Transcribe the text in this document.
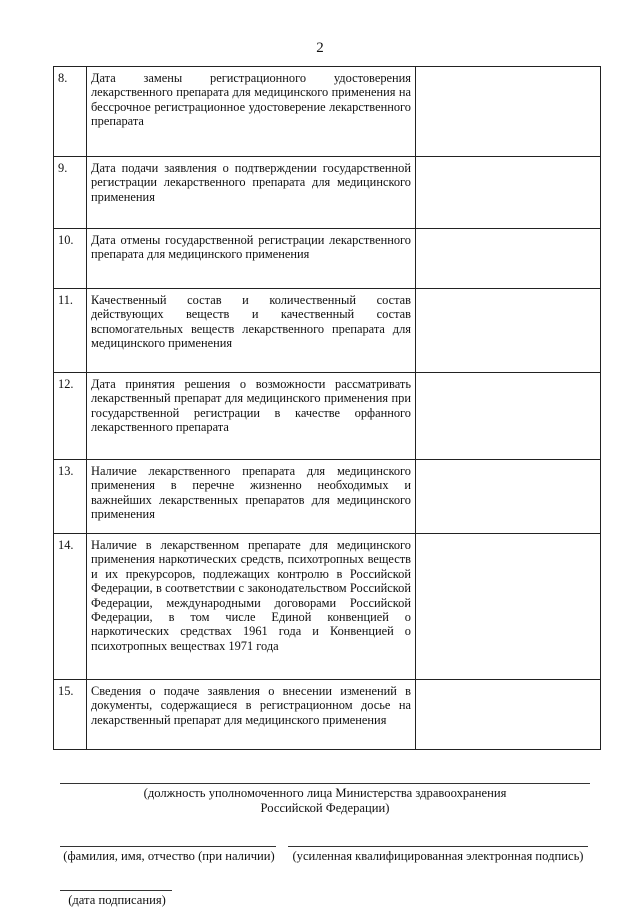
2
8.	Дата замены регистрационного удостоверения лекарственного препарата для медицинского применения на бессрочное регистрационное удостоверение лекарственного препарата	
9.	Дата подачи заявления о подтверждении государственной регистрации лекарственного препарата для медицинского применения	
10.	Дата отмены государственной регистрации лекарственного препарата для медицинского применения	
11.	Качественный состав и количественный состав действующих веществ и качественный состав вспомогательных веществ лекарственного препарата для медицинского применения	
12.	Дата принятия решения о возможности рассматривать лекарственный препарат для медицинского применения при государственной регистрации в качестве орфанного лекарственного препарата	
13.	Наличие лекарственного препарата для медицинского применения в перечне жизненно необходимых и важнейших лекарственных препаратов для медицинского применения	
14.	Наличие в лекарственном препарате для медицинского применения наркотических средств, психотропных веществ и их прекурсоров, подлежащих контролю в Российской Федерации, в соответствии с законодательством Российской Федерации, международными договорами Российской Федерации, в том числе Единой конвенцией о наркотических средствах 1961 года и Конвенцией о психотропных веществах 1971 года	
15.	Сведения о подаче заявления о внесении изменений в документы, содержащиеся в регистрационном досье на лекарственный препарат для медицинского применения	
(должность уполномоченного лица Министерства здравоохранения
Российской Федерации)
(фамилия, имя, отчество (при наличии)	(усиленная квалифицированная электронная подпись)
(дата подписания)
